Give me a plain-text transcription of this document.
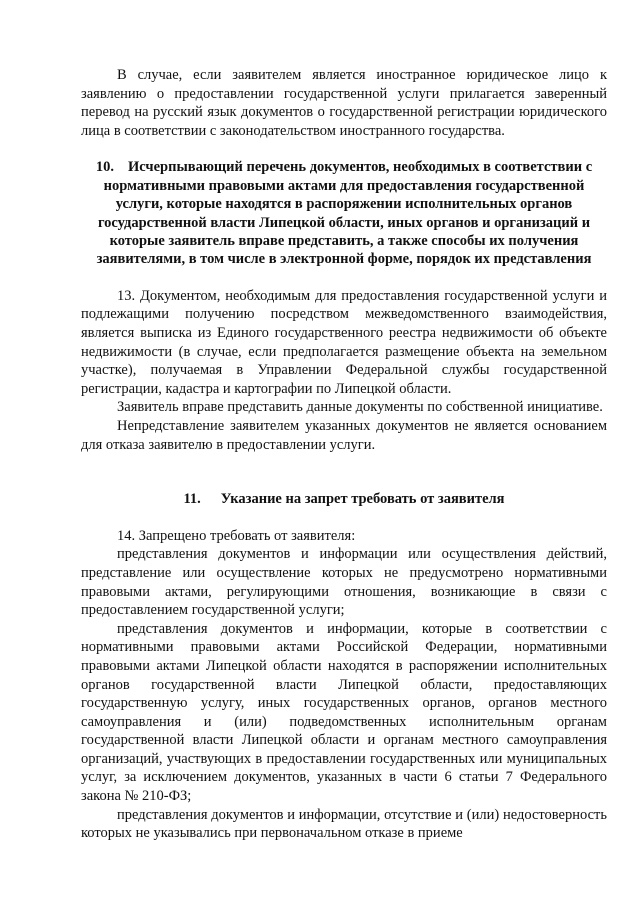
В случае, если заявителем является иностранное юридическое лицо к заявлению о предоставлении государственной услуги прилагается заверенный перевод на русский язык документов о государственной регистрации юридического лица в соответствии с законодательством иностранного государства.

10. Исчерпывающий перечень документов, необходимых в соответствии с нормативными правовыми актами для предоставления государственной услуги, которые находятся в распоряжении исполнительных органов государственной власти Липецкой области, иных органов и организаций и которые заявитель вправе представить, а также способы их получения заявителями, в том числе в электронной форме, порядок их представления

13. Документом, необходимым для предоставления государственной услуги и подлежащими получению посредством межведомственного взаимодействия, является выписка из Единого государственного реестра недвижимости об объекте недвижимости (в случае, если предполагается размещение объекта на земельном участке), получаемая в Управлении Федеральной службы государственной регистрации, кадастра и картографии по Липецкой области.

Заявитель вправе представить данные документы по собственной инициативе.

Непредставление заявителем указанных документов не является основанием для отказа заявителю в предоставлении услуги.

11. Указание на запрет требовать от заявителя

14. Запрещено требовать от заявителя:

представления документов и информации или осуществления действий, представление или осуществление которых не предусмотрено нормативными правовыми актами, регулирующими отношения, возникающие в связи с предоставлением государственной услуги;

представления документов и информации, которые в соответствии с нормативными правовыми актами Российской Федерации, нормативными правовыми актами Липецкой области находятся в распоряжении исполнительных органов государственной власти Липецкой области, предоставляющих государственную услугу, иных государственных органов, органов местного самоуправления и (или) подведомственных исполнительным органам государственной власти Липецкой области и органам местного самоуправления организаций, участвующих в предоставлении государственных или муниципальных услуг, за исключением документов, указанных в части 6 статьи 7 Федерального закона № 210-ФЗ;

представления документов и информации, отсутствие и (или) недостоверность которых не указывались при первоначальном отказе в приеме
